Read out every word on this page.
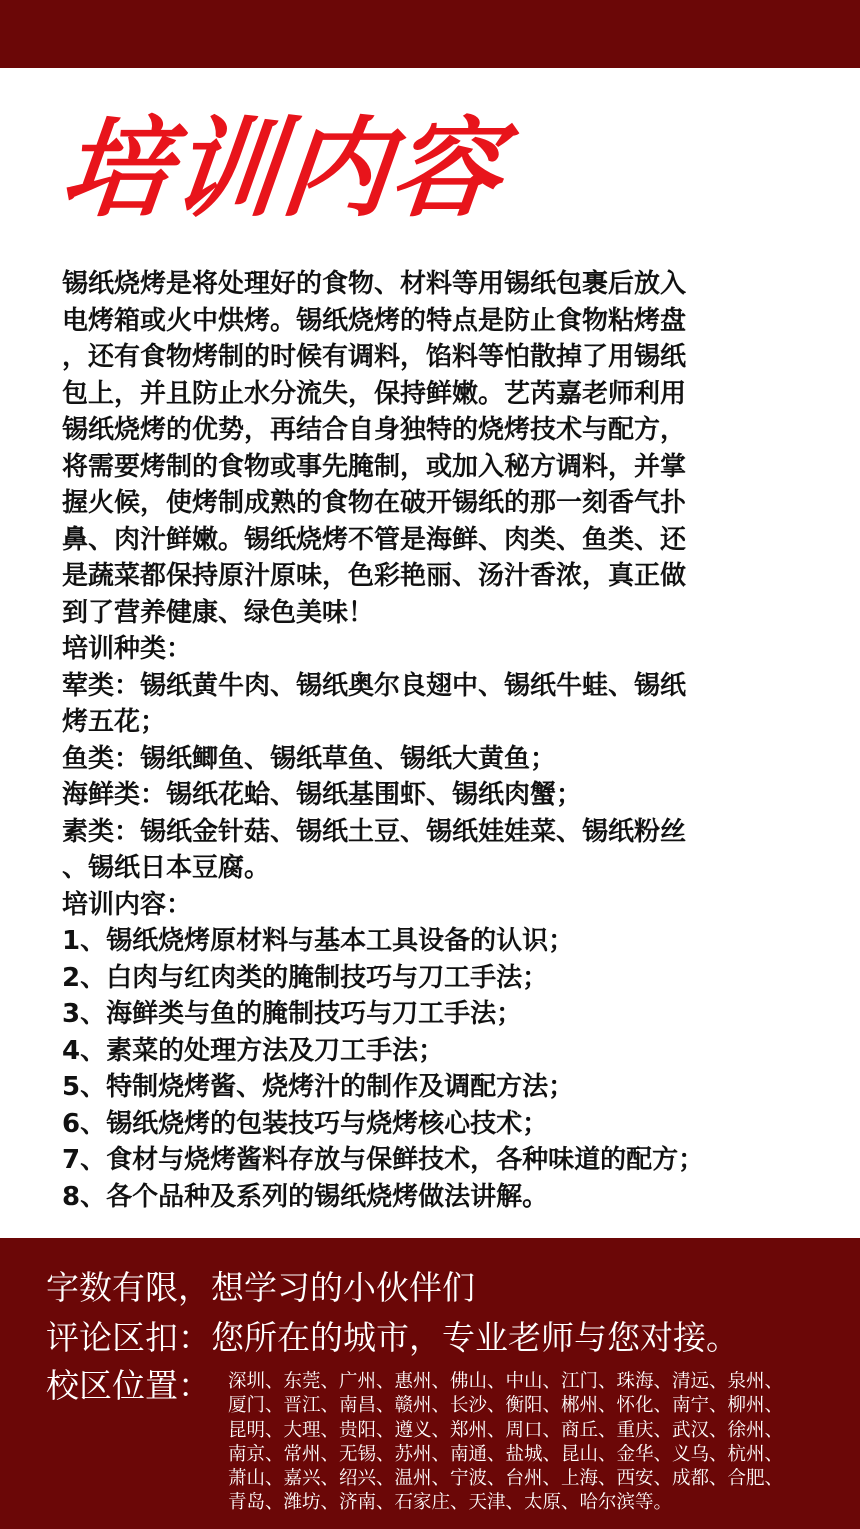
培训内容

锡纸烧烤是将处理好的食物、材料等用锡纸包裹后放入

电烤箱或火中烘烤。锡纸烧烤的特点是防止食物粘烤盘

，还有食物烤制的时候有调料，馅料等怕散掉了用锡纸

包上，并且防止水分流失，保持鲜嫩。艺芮嘉老师利用

锡纸烧烤的优势，再结合自身独特的烧烤技术与配方，

将需要烤制的食物或事先腌制，或加入秘方调料，并掌

握火候，使烤制成熟的食物在破开锡纸的那一刻香气扑

鼻、肉汁鲜嫩。锡纸烧烤不管是海鲜、肉类、鱼类、还

是蔬菜都保持原汁原味，色彩艳丽、汤汁香浓，真正做

到了营养健康、绿色美味！

培训种类：

荤类：锡纸黄牛肉、锡纸奥尔良翅中、锡纸牛蛙、锡纸

烤五花；

鱼类：锡纸鲫鱼、锡纸草鱼、锡纸大黄鱼；

海鲜类：锡纸花蛤、锡纸基围虾、锡纸肉蟹；

素类：锡纸金针菇、锡纸土豆、锡纸娃娃菜、锡纸粉丝

、锡纸日本豆腐。

培训内容：

1、锡纸烧烤原材料与基本工具设备的认识；

2、白肉与红肉类的腌制技巧与刀工手法；

3、海鲜类与鱼的腌制技巧与刀工手法；

4、素菜的处理方法及刀工手法；

5、特制烧烤酱、烧烤汁的制作及调配方法；

6、锡纸烧烤的包装技巧与烧烤核心技术；

7、食材与烧烤酱料存放与保鲜技术，各种味道的配方；

8、各个品种及系列的锡纸烧烤做法讲解。

字数有限，想学习的小伙伴们

评论区扣：您所在的城市，专业老师与您对接。

校区位置： 深圳、东莞、广州、惠州、佛山、中山、江门、珠海、清远、泉州、
厦门、晋江、南昌、赣州、长沙、衡阳、郴州、怀化、南宁、柳州、
昆明、大理、贵阳、遵义、郑州、周口、商丘、重庆、武汉、徐州、
南京、常州、无锡、苏州、南通、盐城、昆山、金华、义乌、杭州、
萧山、嘉兴、绍兴、温州、宁波、台州、上海、西安、成都、合肥、
青岛、潍坊、济南、石家庄、天津、太原、哈尔滨等。
